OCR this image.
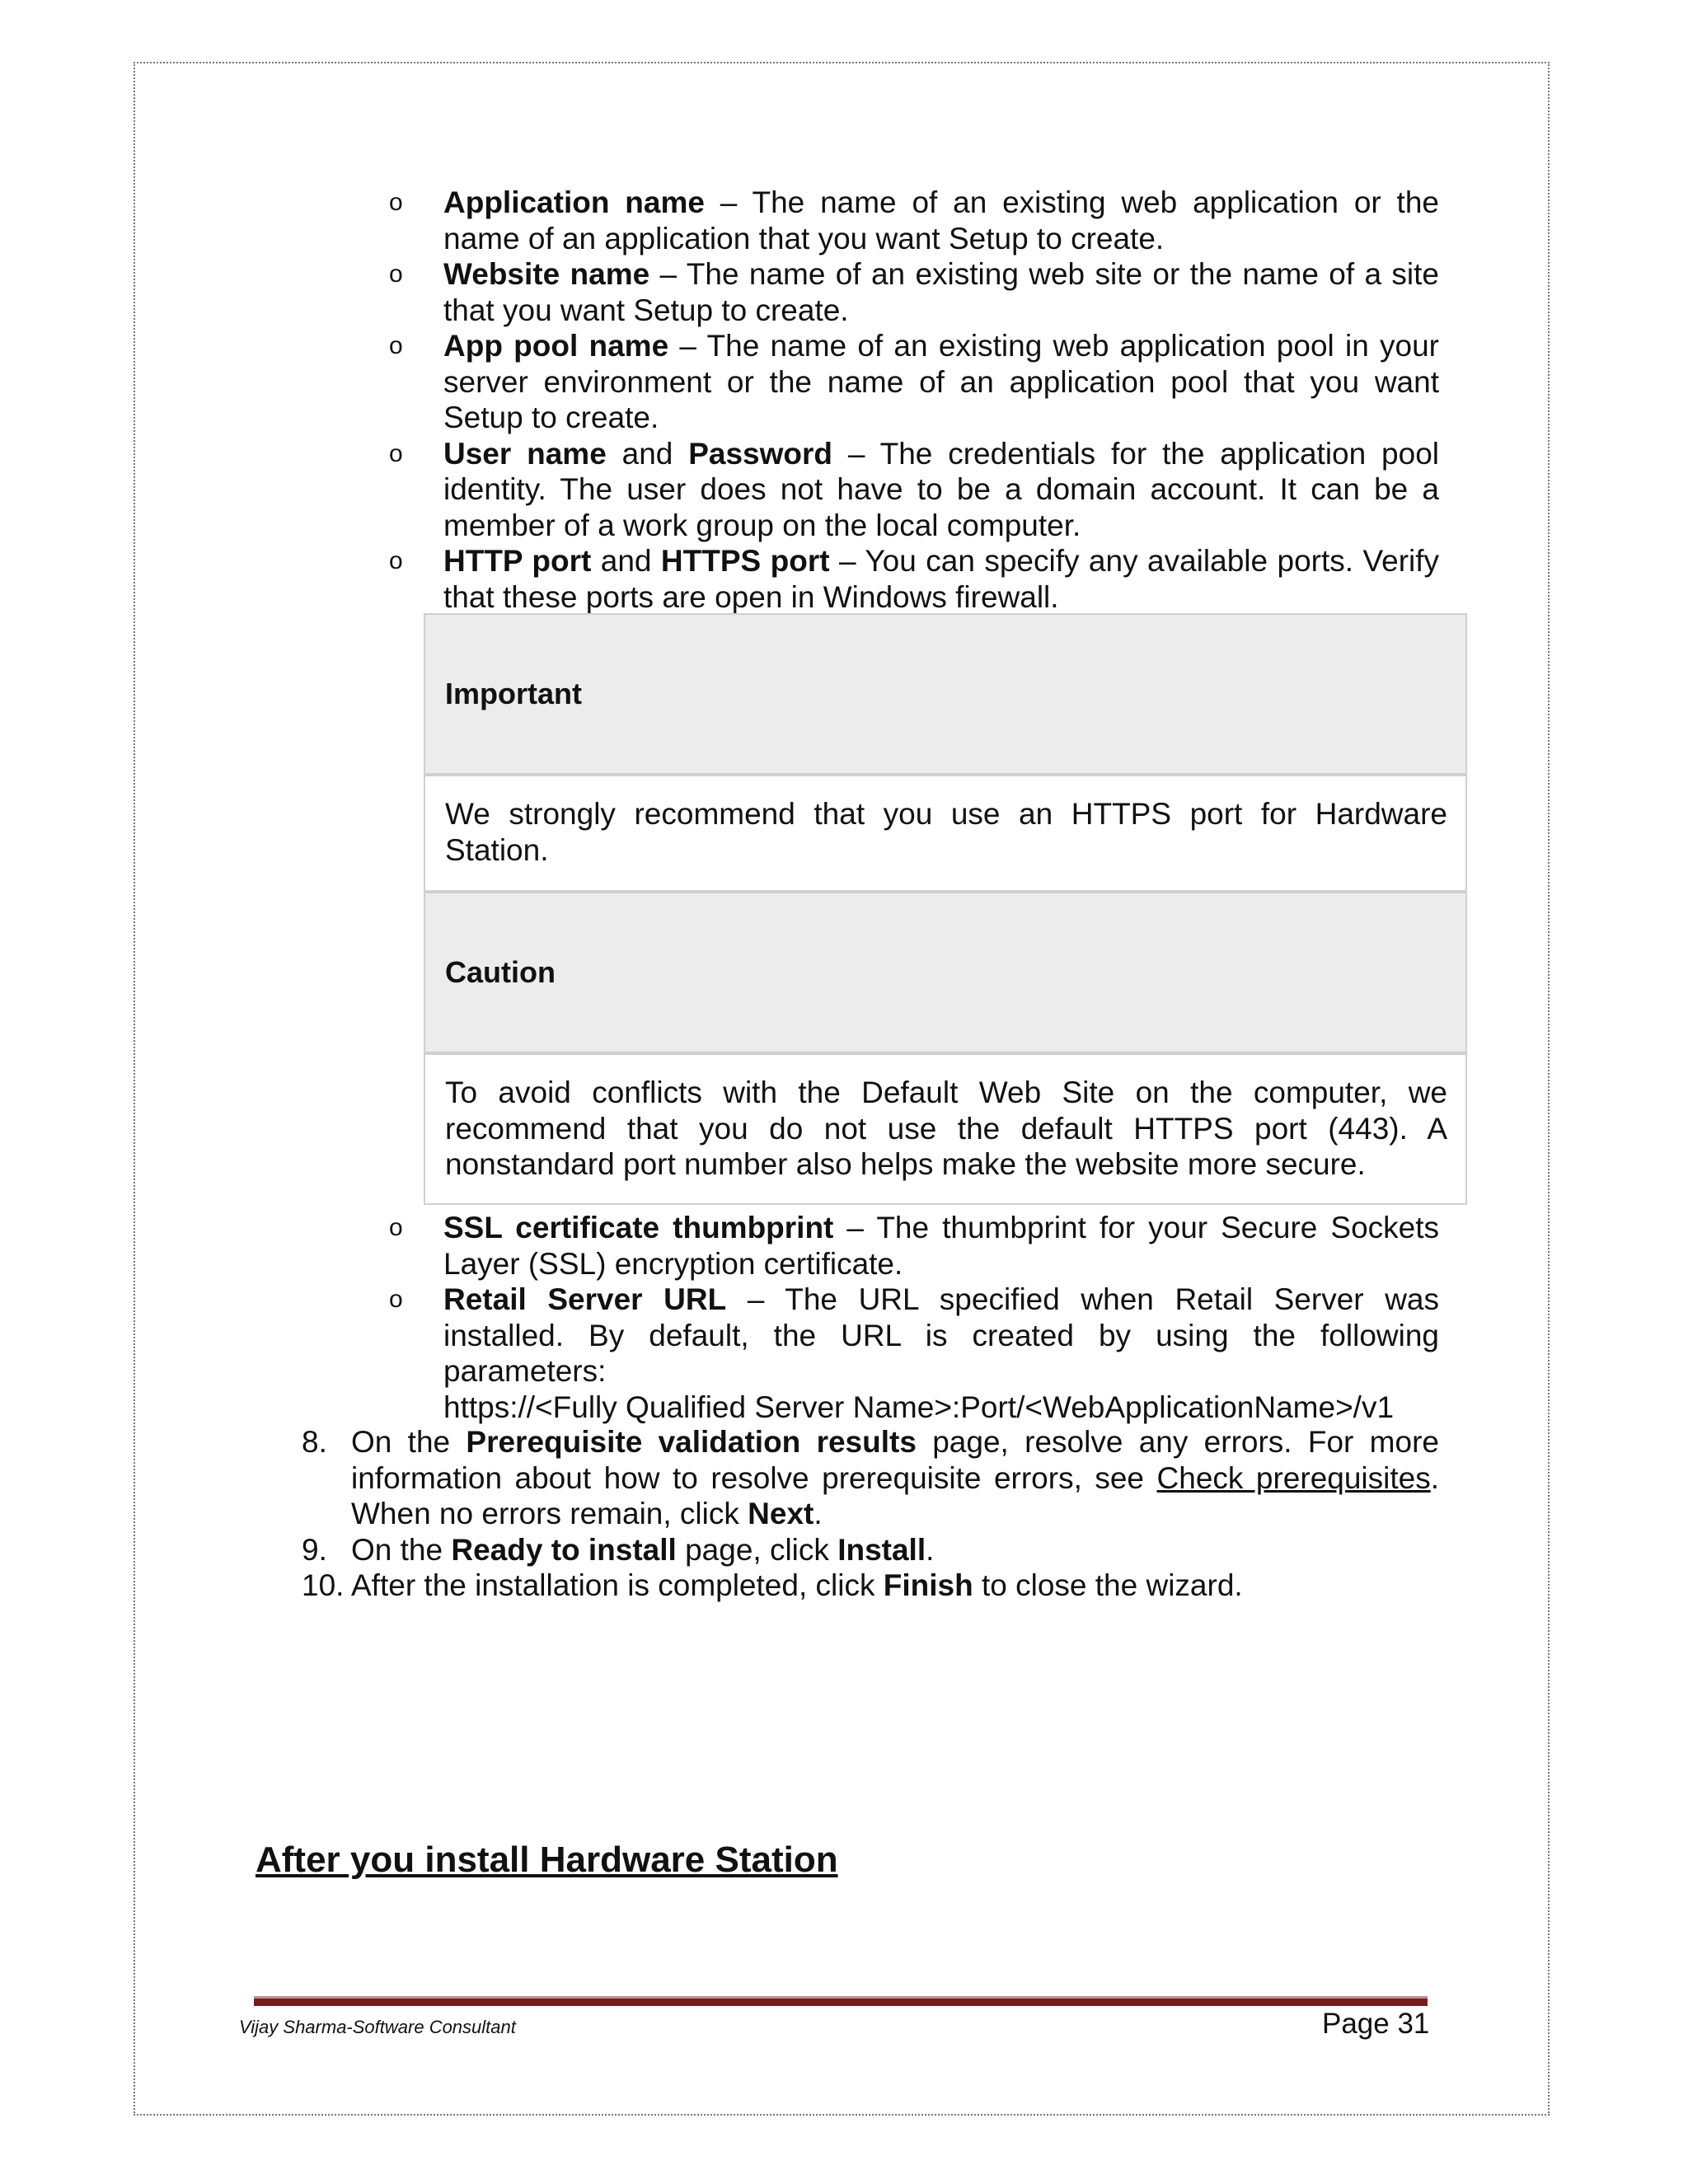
o Application name – The name of an existing web application or the name of an application that you want Setup to create.
o Website name – The name of an existing web site or the name of a site that you want Setup to create.
o App pool name – The name of an existing web application pool in your server environment or the name of an application pool that you want Setup to create.
o User name and Password – The credentials for the application pool identity. The user does not have to be a domain account. It can be a member of a work group on the local computer.
o HTTP port and HTTPS port – You can specify any available ports. Verify that these ports are open in Windows firewall.
Important
We strongly recommend that you use an HTTPS port for Hardware Station.
Caution
To avoid conflicts with the Default Web Site on the computer, we recommend that you do not use the default HTTPS port (443). A nonstandard port number also helps make the website more secure.
o SSL certificate thumbprint – The thumbprint for your Secure Sockets Layer (SSL) encryption certificate.
o Retail Server URL – The URL specified when Retail Server was installed. By default, the URL is created by using the following parameters:
https://<Fully Qualified Server Name>:Port/<WebApplicationName>/v1
8. On the Prerequisite validation results page, resolve any errors. For more information about how to resolve prerequisite errors, see Check prerequisites. When no errors remain, click Next.
9. On the Ready to install page, click Install.
10. After the installation is completed, click Finish to close the wizard.
After you install Hardware Station
Vijay Sharma-Software Consultant	Page 31
